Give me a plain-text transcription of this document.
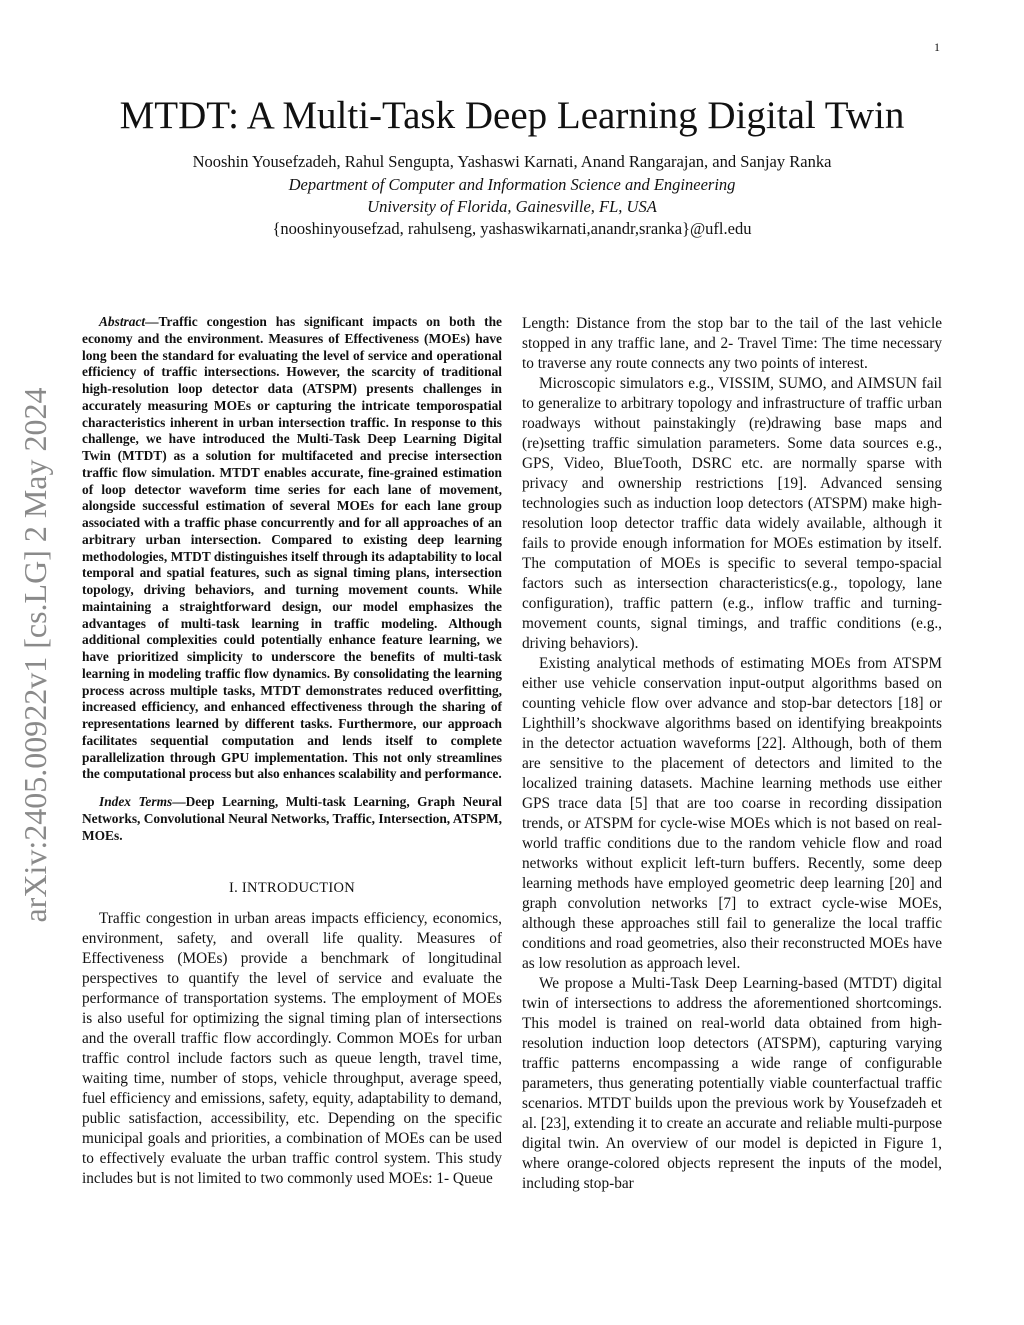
1
arXiv:2405.00922v1 [cs.LG] 2 May 2024
MTDT: A Multi-Task Deep Learning Digital Twin
Nooshin Yousefzadeh, Rahul Sengupta, Yashaswi Karnati, Anand Rangarajan, and Sanjay Ranka
Department of Computer and Information Science and Engineering
University of Florida, Gainesville, FL, USA
{nooshinyousefzad, rahulseng, yashaswikarnati,anandr,sranka}@ufl.edu

Abstract—Traffic congestion has significant impacts on both the economy and the environment. Measures of Effectiveness (MOEs) have long been the standard for evaluating the level of service and operational efficiency of traffic intersections. However, the scarcity of traditional high-resolution loop detector data (ATSPM) presents challenges in accurately measuring MOEs or capturing the intricate temporospatial characteristics inherent in urban intersection traffic. In response to this challenge, we have introduced the Multi-Task Deep Learning Digital Twin (MTDT) as a solution for multifaceted and precise intersection traffic flow simulation. MTDT enables accurate, fine-grained estimation of loop detector waveform time series for each lane of movement, alongside successful estimation of several MOEs for each lane group associated with a traffic phase concurrently and for all approaches of an arbitrary urban intersection. Compared to existing deep learning methodologies, MTDT distinguishes itself through its adaptability to local temporal and spatial features, such as signal timing plans, intersection topology, driving behaviors, and turning movement counts. While maintaining a straightforward design, our model emphasizes the advantages of multi-task learning in traffic modeling. Although additional complexities could potentially enhance feature learning, we have prioritized simplicity to underscore the benefits of multi-task learning in modeling traffic flow dynamics. By consolidating the learning process across multiple tasks, MTDT demonstrates reduced overfitting, increased efficiency, and enhanced effectiveness through the sharing of representations learned by different tasks. Furthermore, our approach facilitates sequential computation and lends itself to complete parallelization through GPU implementation. This not only streamlines the computational process but also enhances scalability and performance.

Index Terms—Deep Learning, Multi-task Learning, Graph Neural Networks, Convolutional Neural Networks, Traffic, Intersection, ATSPM, MOEs.

I. INTRODUCTION

Traffic congestion in urban areas impacts efficiency, economics, environment, safety, and overall life quality. Measures of Effectiveness (MOEs) provide a benchmark of longitudinal perspectives to quantify the level of service and evaluate the performance of transportation systems. The employment of MOEs is also useful for optimizing the signal timing plan of intersections and the overall traffic flow accordingly. Common MOEs for urban traffic control include factors such as queue length, travel time, waiting time, number of stops, vehicle throughput, average speed, fuel efficiency and emissions, safety, equity, adaptability to demand, public satisfaction, accessibility, etc. Depending on the specific municipal goals and priorities, a combination of MOEs can be used to effectively evaluate the urban traffic control system. This study includes but is not limited to two commonly used MOEs: 1- Queue

Length: Distance from the stop bar to the tail of the last vehicle stopped in any traffic lane, and 2- Travel Time: The time necessary to traverse any route connects any two points of interest.

Microscopic simulators e.g., VISSIM, SUMO, and AIMSUN fail to generalize to arbitrary topology and infrastructure of traffic urban roadways without painstakingly (re)drawing base maps and (re)setting traffic simulation parameters. Some data sources e.g., GPS, Video, BlueTooth, DSRC etc. are normally sparse with privacy and ownership restrictions [19]. Advanced sensing technologies such as induction loop detectors (ATSPM) make high-resolution loop detector traffic data widely available, although it fails to provide enough information for MOEs estimation by itself. The computation of MOEs is specific to several tempo-spacial factors such as intersection characteristics(e.g., topology, lane configuration), traffic pattern (e.g., inflow traffic and turning-movement counts, signal timings, and traffic conditions (e.g., driving behaviors).

Existing analytical methods of estimating MOEs from ATSPM either use vehicle conservation input-output algorithms based on counting vehicle flow over advance and stop-bar detectors [18] or Lighthill’s shockwave algorithms based on identifying breakpoints in the detector actuation waveforms [22]. Although, both of them are sensitive to the placement of detectors and limited to the localized training datasets. Machine learning methods use either GPS trace data [5] that are too coarse in recording dissipation trends, or ATSPM for cycle-wise MOEs which is not based on real-world traffic conditions due to the random vehicle flow and road networks without explicit left-turn buffers. Recently, some deep learning methods have employed geometric deep learning [20] and graph convolution networks [7] to extract cycle-wise MOEs, although these approaches still fail to generalize the local traffic conditions and road geometries, also their reconstructed MOEs have as low resolution as approach level.

We propose a Multi-Task Deep Learning-based (MTDT) digital twin of intersections to address the aforementioned shortcomings. This model is trained on real-world data obtained from high-resolution induction loop detectors (ATSPM), capturing varying traffic patterns encompassing a wide range of configurable parameters, thus generating potentially viable counterfactual traffic scenarios. MTDT builds upon the previous work by Yousefzadeh et al. [23], extending it to create an accurate and reliable multi-purpose digital twin. An overview of our model is depicted in Figure 1, where orange-colored objects represent the inputs of the model, including stop-bar
